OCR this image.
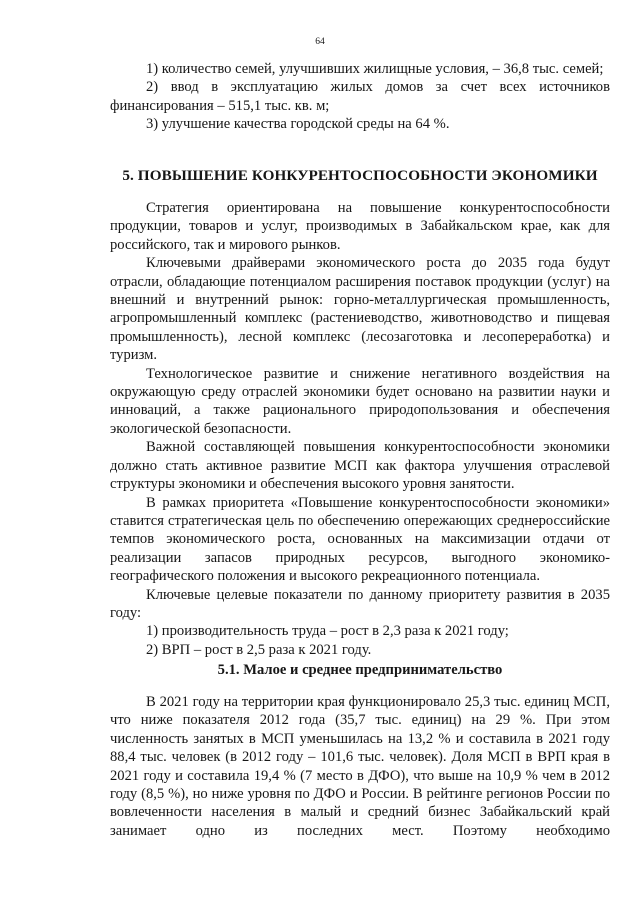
64

1) количество семей, улучшивших жилищные условия, – 36,8 тыс. семей;

2) ввод в эксплуатацию жилых домов за счет всех источников финансирования – 515,1 тыс. кв. м;

3) улучшение качества городской среды на 64 %.

5. ПОВЫШЕНИЕ КОНКУРЕНТОСПОСОБНОСТИ ЭКОНОМИКИ

Стратегия ориентирована на повышение конкурентоспособности продукции, товаров и услуг, производимых в Забайкальском крае, как для российского, так и мирового рынков.

Ключевыми драйверами экономического роста до 2035 года будут отрасли, обладающие потенциалом расширения поставок продукции (услуг) на внешний и внутренний рынок: горно-металлургическая промышленность, агропромышленный комплекс (растениеводство, животноводство и пищевая промышленность), лесной комплекс (лесозаготовка и лесопереработка) и туризм.

Технологическое развитие и снижение негативного воздействия на окружающую среду отраслей экономики будет основано на развитии науки и инноваций, а также рационального природопользования и обеспечения экологической безопасности.

Важной составляющей повышения конкурентоспособности экономики должно стать активное развитие МСП как фактора улучшения отраслевой структуры экономики и обеспечения высокого уровня занятости.

В рамках приоритета «Повышение конкурентоспособности экономики» ставится стратегическая цель по обеспечению опережающих среднероссийские темпов экономического роста, основанных на максимизации отдачи от реализации запасов природных ресурсов, выгодного экономико-географического положения и высокого рекреационного потенциала.

Ключевые целевые показатели по данному приоритету развития в 2035 году:

1) производительность труда – рост в 2,3 раза к 2021 году;

2) ВРП – рост в 2,5 раза к 2021 году.

5.1. Малое и среднее предпринимательство

В 2021 году на территории края функционировало 25,3 тыс. единиц МСП, что ниже показателя 2012 года (35,7 тыс. единиц) на 29 %. При этом численность занятых в МСП уменьшилась на 13,2 % и составила в 2021 году 88,4 тыс. человек (в 2012 году – 101,6 тыс. человек). Доля МСП в ВРП края в 2021 году и составила 19,4 % (7 место в ДФО), что выше на 10,9 % чем в 2012 году (8,5 %), но ниже уровня по ДФО и России. В рейтинге регионов России по вовлеченности населения в малый и средний бизнес Забайкальский край занимает одно из последних мест. Поэтому необходимо
